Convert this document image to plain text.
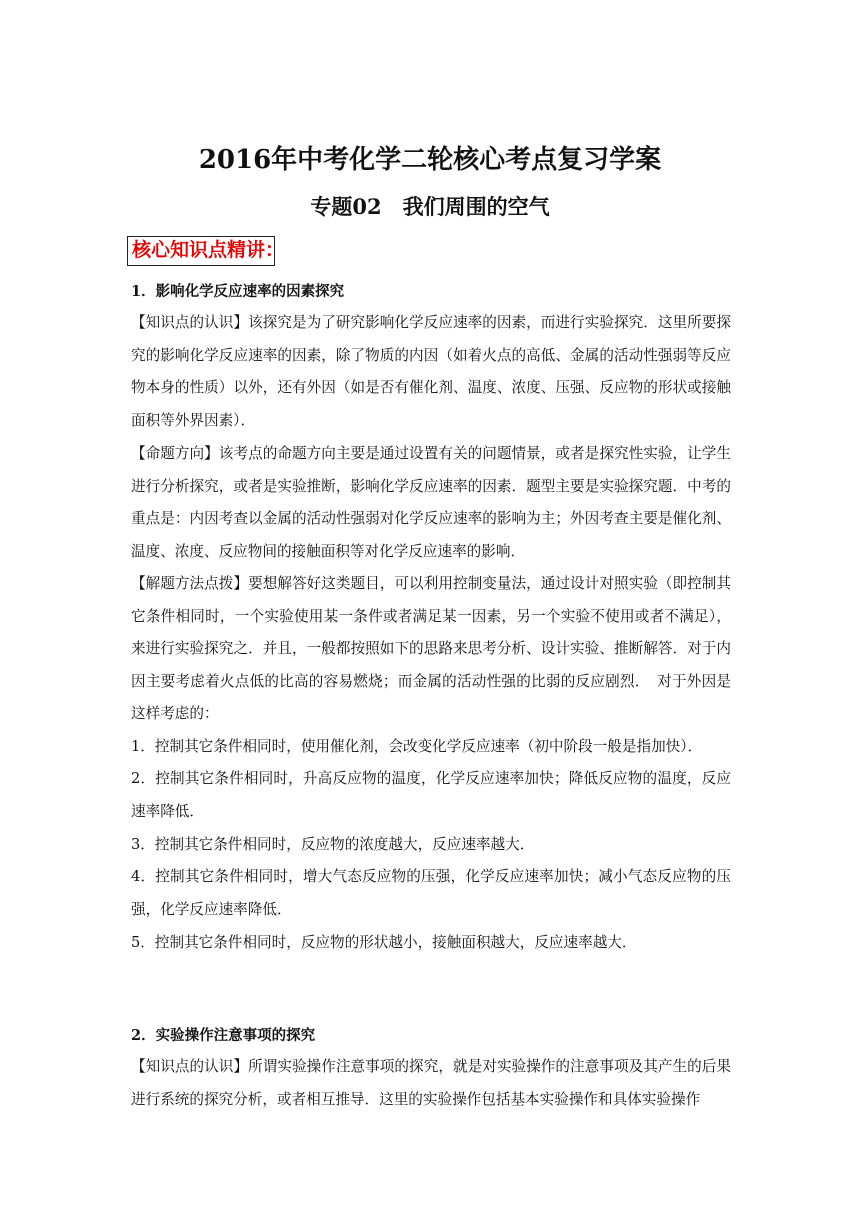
2016年中考化学二轮核心考点复习学案
专题02　我们周围的空气
核心知识点精讲：
1．影响化学反应速率的因素探究
【知识点的认识】该探究是为了研究影响化学反应速率的因素，而进行实验探究．这里所要探究的影响化学反应速率的因素，除了物质的内因（如着火点的高低、金属的活动性强弱等反应物本身的性质）以外，还有外因（如是否有催化剂、温度、浓度、压强、反应物的形状或接触面积等外界因素）．
【命题方向】该考点的命题方向主要是通过设置有关的问题情景，或者是探究性实验，让学生进行分析探究，或者是实验推断，影响化学反应速率的因素．题型主要是实验探究题．中考的重点是：内因考查以金属的活动性强弱对化学反应速率的影响为主；外因考查主要是催化剂、温度、浓度、反应物间的接触面积等对化学反应速率的影响．
【解题方法点拨】要想解答好这类题目，可以利用控制变量法，通过设计对照实验（即控制其它条件相同时，一个实验使用某一条件或者满足某一因素，另一个实验不使用或者不满足），来进行实验探究之．并且，一般都按照如下的思路来思考分析、设计实验、推断解答．对于内因主要考虑着火点低的比高的容易燃烧；而金属的活动性强的比弱的反应剧烈．　对于外因是这样考虑的：
1．控制其它条件相同时，使用催化剂，会改变化学反应速率（初中阶段一般是指加快）．
2．控制其它条件相同时，升高反应物的温度，化学反应速率加快；降低反应物的温度，反应速率降低．
3．控制其它条件相同时，反应物的浓度越大，反应速率越大．
4．控制其它条件相同时，增大气态反应物的压强，化学反应速率加快；减小气态反应物的压强，化学反应速率降低．
5．控制其它条件相同时，反应物的形状越小，接触面积越大，反应速率越大．
2．实验操作注意事项的探究
【知识点的认识】所谓实验操作注意事项的探究，就是对实验操作的注意事项及其产生的后果进行系统的探究分析，或者相互推导．这里的实验操作包括基本实验操作和具体实验操作
